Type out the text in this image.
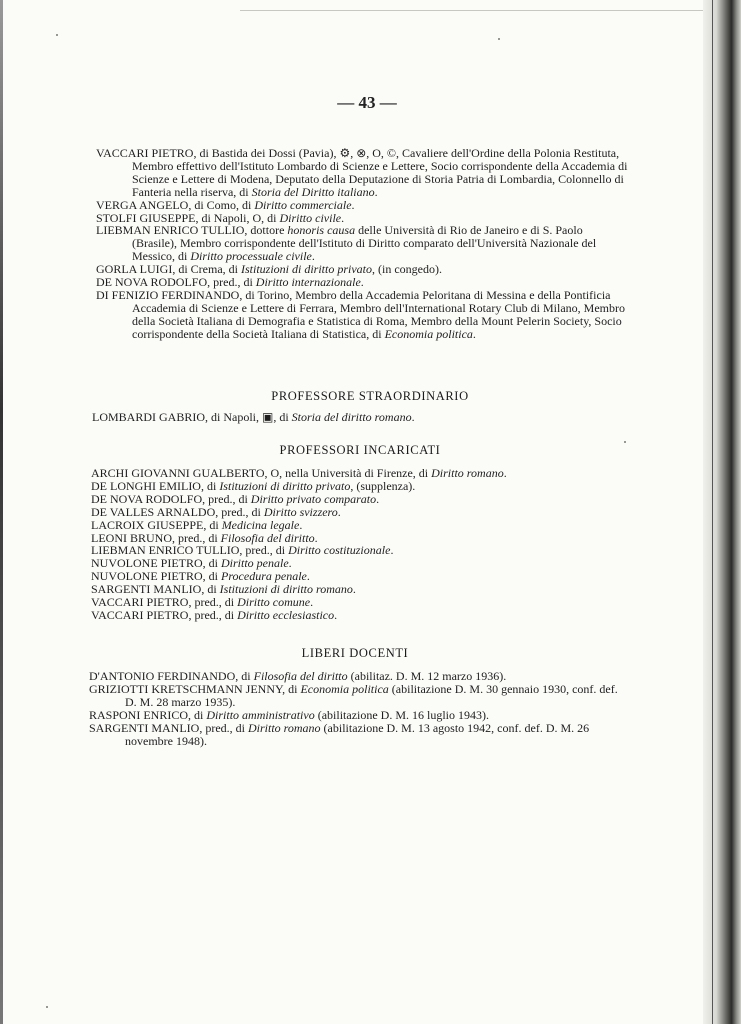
— 43 —
VACCARI PIETRO, di Bastida dei Dossi (Pavia), ⚙, ⊗, O, ©, Cavaliere dell'Ordine della Polonia Restituta, Membro effettivo dell'Istituto Lombardo di Scienze e Lettere, Socio corrispondente della Accademia di Scienze e Lettere di Modena, Deputato della Deputazione di Storia Patria di Lombardia, Colonnello di Fanteria nella riserva, di Storia del Diritto italiano.
VERGA ANGELO, di Como, di Diritto commerciale.
STOLFI GIUSEPPE, di Napoli, O, di Diritto civile.
LIEBMAN ENRICO TULLIO, dottore honoris causa delle Università di Rio de Janeiro e di S. Paolo (Brasile), Membro corrispondente dell'Istituto di Diritto comparato dell'Università Nazionale del Messico, di Diritto processuale civile.
GORLA LUIGI, di Crema, di Istituzioni di diritto privato, (in congedo).
DE NOVA RODOLFO, pred., di Diritto internazionale.
DI FENIZIO FERDINANDO, di Torino, Membro della Accademia Peloritana di Messina e della Pontificia Accademia di Scienze e Lettere di Ferrara, Membro dell'International Rotary Club di Milano, Membro della Società Italiana di Demografia e Statistica di Roma, Membro della Mount Pelerin Society, Socio corrispondente della Società Italiana di Statistica, di Economia politica.
PROFESSORE STRAORDINARIO
LOMBARDI GABRIO, di Napoli, ▣, di Storia del diritto romano.
PROFESSORI INCARICATI
ARCHI GIOVANNI GUALBERTO, O, nella Università di Firenze, di Diritto romano.
DE LONGHI EMILIO, di Istituzioni di diritto privato, (supplenza).
DE NOVA RODOLFO, pred., di Diritto privato comparato.
DE VALLES ARNALDO, pred., di Diritto svizzero.
LACROIX GIUSEPPE, di Medicina legale.
LEONI BRUNO, pred., di Filosofia del diritto.
LIEBMAN ENRICO TULLIO, pred., di Diritto costituzionale.
NUVOLONE PIETRO, di Diritto penale.
NUVOLONE PIETRO, di Procedura penale.
SARGENTI MANLIO, di Istituzioni di diritto romano.
VACCARI PIETRO, pred., di Diritto comune.
VACCARI PIETRO, pred., di Diritto ecclesiastico.
LIBERI DOCENTI
D'ANTONIO FERDINANDO, di Filosofia del diritto (abilitaz. D. M. 12 marzo 1936).
GRIZIOTTI KRETSCHMANN JENNY, di Economia politica (abilitazione D. M. 30 gennaio 1930, conf. def. D. M. 28 marzo 1935).
RASPONI ENRICO, di Diritto amministrativo (abilitazione D. M. 16 luglio 1943).
SARGENTI MANLIO, pred., di Diritto romano (abilitazione D. M. 13 agosto 1942, conf. def. D. M. 26 novembre 1948).
